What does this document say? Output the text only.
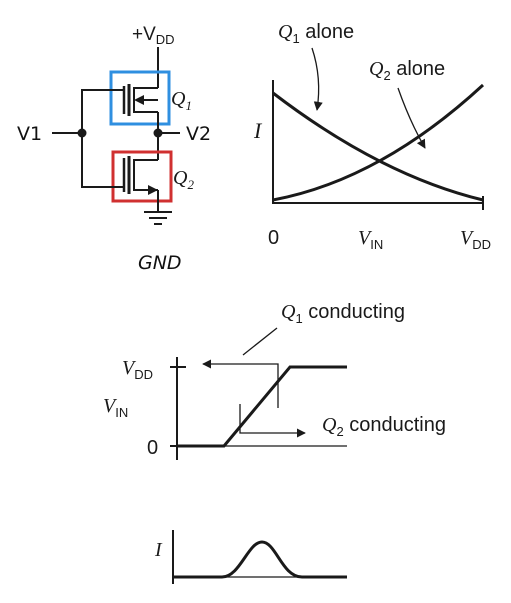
$+V_{DD}$
$Q_1$
V2
$Q_2$
GND
V1	I
0	$V_{IN}$	$V_{DD}$
$Q_1$ alone
$Q_2$ alone
$V_{DD}$
$V_{IN}$
0
$Q_1$ conducting
$Q_2$ conducting
I
